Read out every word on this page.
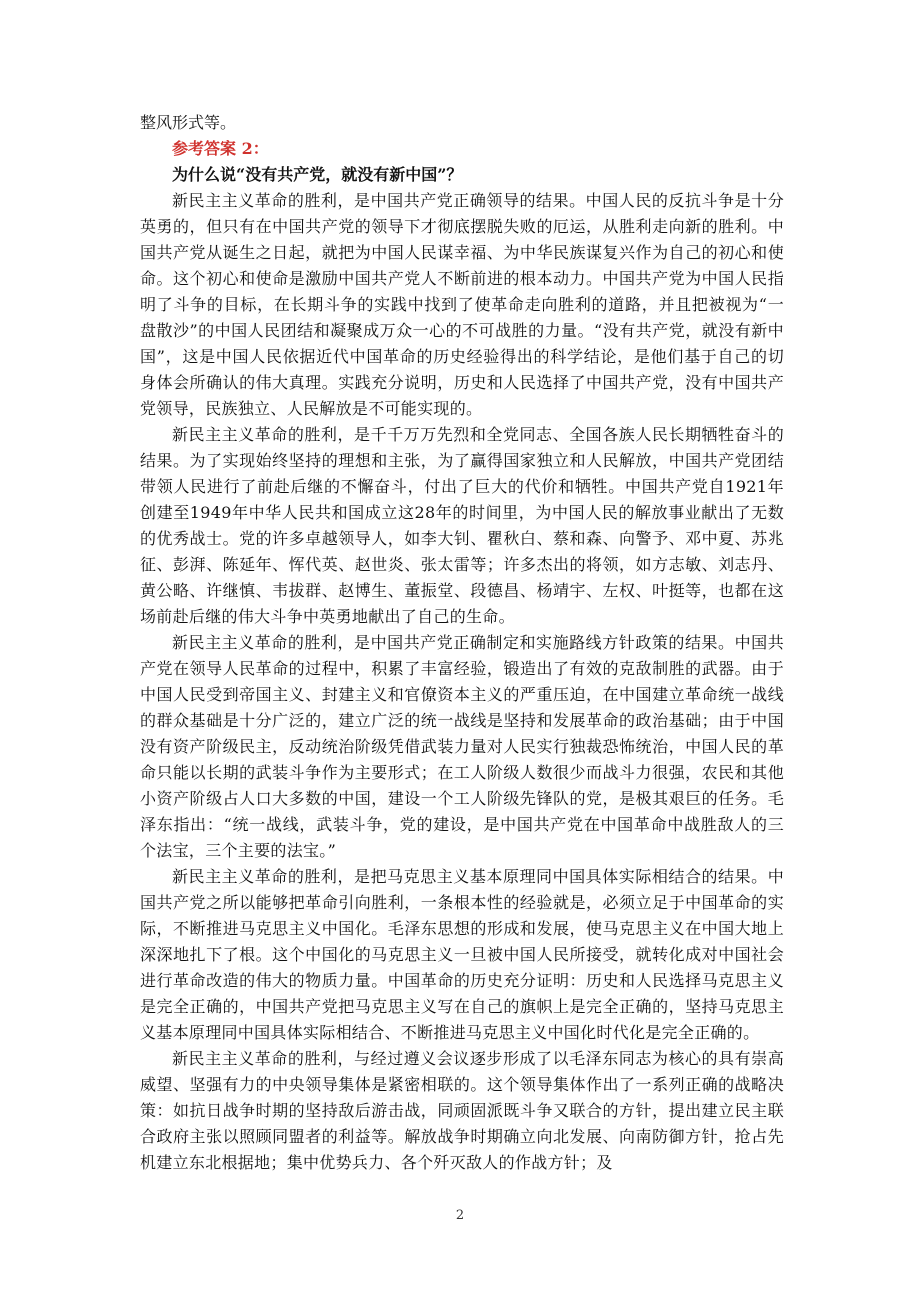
整风形式等。

参考答案 2：

为什么说“没有共产党，就没有新中国”？

新民主主义革命的胜利，是中国共产党正确领导的结果。中国人民的反抗斗争是十分英勇的，但只有在中国共产党的领导下才彻底摆脱失败的厄运，从胜利走向新的胜利。中国共产党从诞生之日起，就把为中国人民谋幸福、为中华民族谋复兴作为自己的初心和使命。这个初心和使命是激励中国共产党人不断前进的根本动力。中国共产党为中国人民指明了斗争的目标，在长期斗争的实践中找到了使革命走向胜利的道路，并且把被视为“一盘散沙”的中国人民团结和凝聚成万众一心的不可战胜的力量。“没有共产党，就没有新中国”，这是中国人民依据近代中国革命的历史经验得出的科学结论，是他们基于自己的切身体会所确认的伟大真理。实践充分说明，历史和人民选择了中国共产党，没有中国共产党领导，民族独立、人民解放是不可能实现的。

新民主主义革命的胜利，是千千万万先烈和全党同志、全国各族人民长期牺牲奋斗的结果。为了实现始终坚持的理想和主张，为了赢得国家独立和人民解放，中国共产党团结带领人民进行了前赴后继的不懈奋斗，付出了巨大的代价和牺牲。中国共产党自1921年创建至1949年中华人民共和国成立这28年的时间里，为中国人民的解放事业献出了无数的优秀战士。党的许多卓越领导人，如李大钊、瞿秋白、蔡和森、向警予、邓中夏、苏兆征、彭湃、陈延年、恽代英、赵世炎、张太雷等；许多杰出的将领，如方志敏、刘志丹、黄公略、许继慎、韦拔群、赵博生、董振堂、段德昌、杨靖宇、左权、叶挺等，也都在这场前赴后继的伟大斗争中英勇地献出了自己的生命。

新民主主义革命的胜利，是中国共产党正确制定和实施路线方针政策的结果。中国共产党在领导人民革命的过程中，积累了丰富经验，锻造出了有效的克敌制胜的武器。由于中国人民受到帝国主义、封建主义和官僚资本主义的严重压迫，在中国建立革命统一战线的群众基础是十分广泛的，建立广泛的统一战线是坚持和发展革命的政治基础；由于中国没有资产阶级民主，反动统治阶级凭借武装力量对人民实行独裁恐怖统治，中国人民的革命只能以长期的武装斗争作为主要形式；在工人阶级人数很少而战斗力很强，农民和其他小资产阶级占人口大多数的中国，建设一个工人阶级先锋队的党，是极其艰巨的任务。毛泽东指出：“统一战线，武装斗争，党的建设，是中国共产党在中国革命中战胜敌人的三个法宝，三个主要的法宝。”

新民主主义革命的胜利，是把马克思主义基本原理同中国具体实际相结合的结果。中国共产党之所以能够把革命引向胜利，一条根本性的经验就是，必须立足于中国革命的实际，不断推进马克思主义中国化。毛泽东思想的形成和发展，使马克思主义在中国大地上深深地扎下了根。这个中国化的马克思主义一旦被中国人民所接受，就转化成对中国社会进行革命改造的伟大的物质力量。中国革命的历史充分证明：历史和人民选择马克思主义是完全正确的，中国共产党把马克思主义写在自己的旗帜上是完全正确的，坚持马克思主义基本原理同中国具体实际相结合、不断推进马克思主义中国化时代化是完全正确的。

新民主主义革命的胜利，与经过遵义会议逐步形成了以毛泽东同志为核心的具有崇高威望、坚强有力的中央领导集体是紧密相联的。这个领导集体作出了一系列正确的战略决策：如抗日战争时期的坚持敌后游击战，同顽固派既斗争又联合的方针，提出建立民主联合政府主张以照顾同盟者的利益等。解放战争时期确立向北发展、向南防御方针，抢占先机建立东北根据地；集中优势兵力、各个歼灭敌人的作战方针；及

2
